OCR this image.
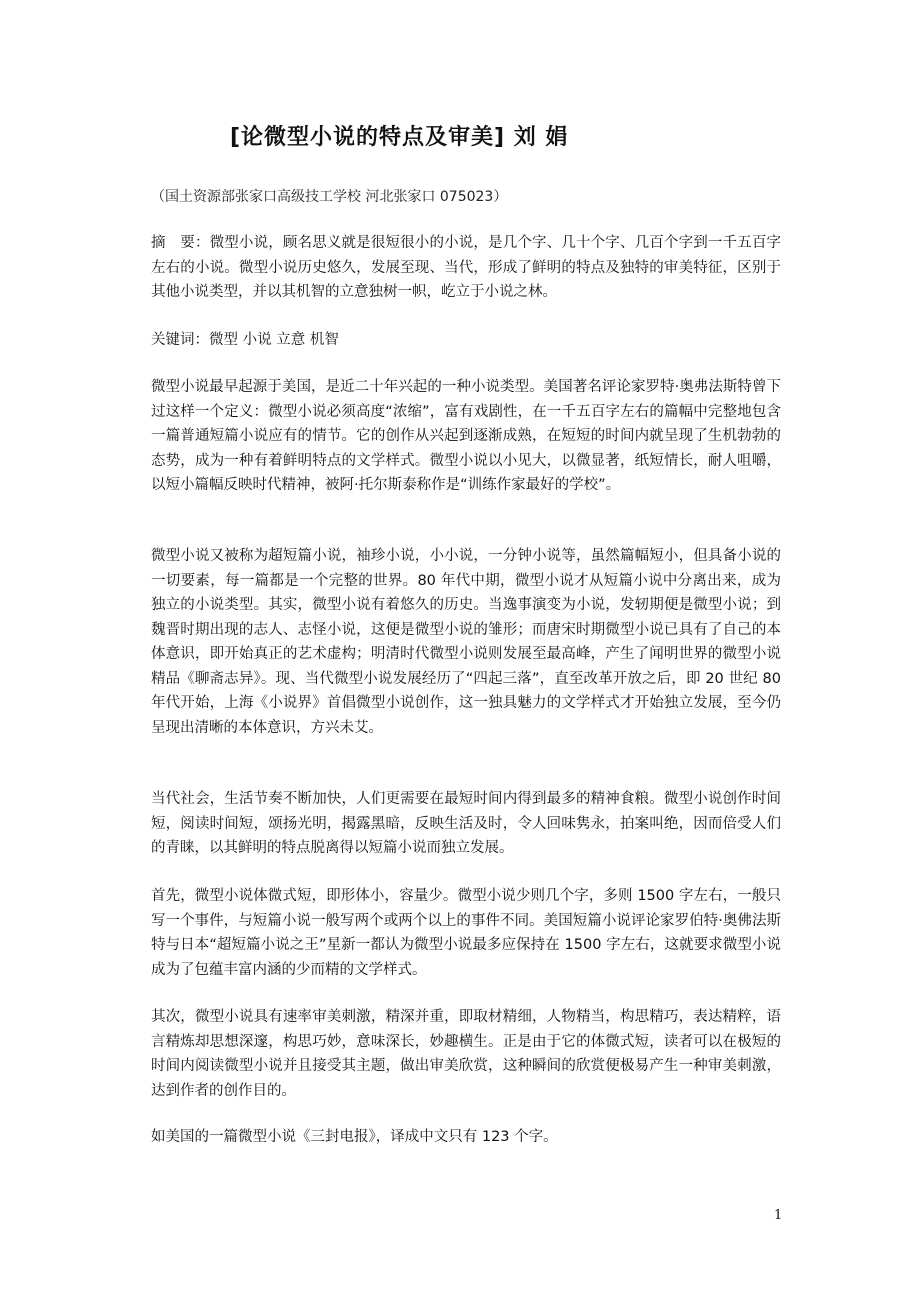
[论微型小说的特点及审美] 刘 娟

（国土资源部张家口高级技工学校 河北张家口 075023）

摘　要：微型小说，顾名思义就是很短很小的小说，是几个字、几十个字、几百个字到一千五百字左右的小说。微型小说历史悠久，发展至现、当代，形成了鲜明的特点及独特的审美特征，区别于其他小说类型，并以其机智的立意独树一帜，屹立于小说之林。

关键词：微型 小说 立意 机智

微型小说最早起源于美国，是近二十年兴起的一种小说类型。美国著名评论家罗特·奥弗法斯特曾下过这样一个定义：微型小说必须高度“浓缩”，富有戏剧性，在一千五百字左右的篇幅中完整地包含一篇普通短篇小说应有的情节。它的创作从兴起到逐渐成熟，在短短的时间内就呈现了生机勃勃的态势，成为一种有着鲜明特点的文学样式。微型小说以小见大，以微显著，纸短情长，耐人咀嚼，以短小篇幅反映时代精神，被阿·托尔斯泰称作是“训练作家最好的学校”。

微型小说又被称为超短篇小说，袖珍小说，小小说，一分钟小说等，虽然篇幅短小，但具备小说的一切要素，每一篇都是一个完整的世界。80 年代中期，微型小说才从短篇小说中分离出来，成为独立的小说类型。其实，微型小说有着悠久的历史。当逸事演变为小说，发轫期便是微型小说；到魏晋时期出现的志人、志怪小说，这便是微型小说的雏形；而唐宋时期微型小说已具有了自己的本体意识，即开始真正的艺术虚构；明清时代微型小说则发展至最高峰，产生了闻明世界的微型小说精品《聊斋志异》。现、当代微型小说发展经历了“四起三落”，直至改革开放之后，即 20 世纪 80 年代开始，上海《小说界》首倡微型小说创作，这一独具魅力的文学样式才开始独立发展，至今仍呈现出清晰的本体意识，方兴未艾。

当代社会，生活节奏不断加快，人们更需要在最短时间内得到最多的精神食粮。微型小说创作时间短，阅读时间短，颂扬光明，揭露黑暗，反映生活及时，令人回味隽永，拍案叫绝，因而倍受人们的青睐，以其鲜明的特点脱离得以短篇小说而独立发展。

首先，微型小说体微式短，即形体小，容量少。微型小说少则几个字，多则 1500 字左右，一般只写一个事件，与短篇小说一般写两个或两个以上的事件不同。美国短篇小说评论家罗伯特·奥佛法斯特与日本“超短篇小说之王”星新一都认为微型小说最多应保持在 1500 字左右，这就要求微型小说成为了包蕴丰富内涵的少而精的文学样式。

其次，微型小说具有速率审美刺激，精深并重，即取材精细，人物精当，构思精巧，表达精粹，语言精炼却思想深邃，构思巧妙，意味深长，妙趣横生。正是由于它的体微式短，读者可以在极短的时间内阅读微型小说并且接受其主题，做出审美欣赏，这种瞬间的欣赏便极易产生一种审美刺激，达到作者的创作目的。

如美国的一篇微型小说《三封电报》，译成中文只有 123 个字。

1
